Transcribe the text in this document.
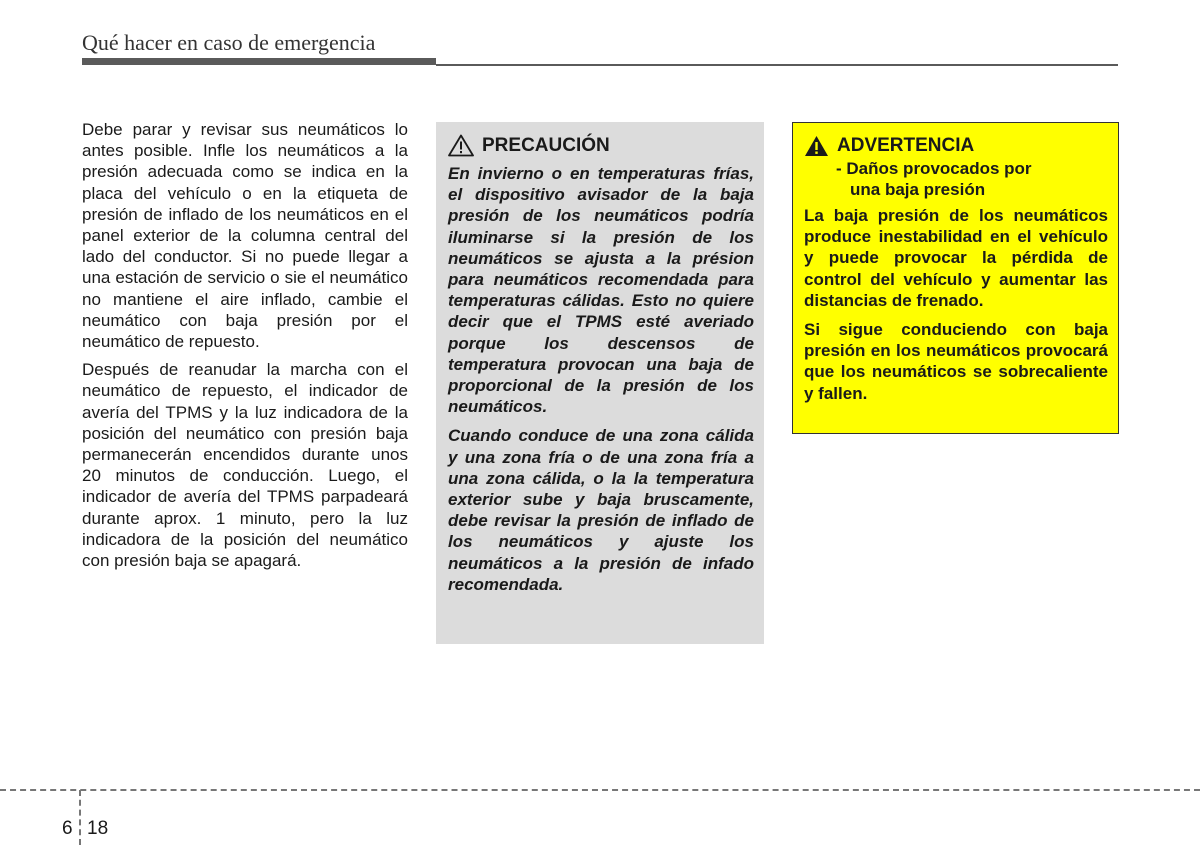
Qué hacer en caso de emergencia

Debe parar y revisar sus neumáticos lo antes posible. Infle los neumáticos a la presión adecuada como se indica en la placa del vehículo o en la etiqueta de presión de inflado de los neumáticos en el panel exterior de la columna central del lado del conductor. Si no puede llegar a una estación de servicio o sie el neumático no mantiene el aire inflado, cambie el neumático con baja presión por el neumático de repuesto.

Después de reanudar la marcha con el neumático de repuesto, el indicador de avería del TPMS y la luz indicadora de la posición del neumático con presión baja permanecerán encendidos durante unos 20 minutos de conducción. Luego, el indicador de avería del TPMS parpadeará durante aprox. 1 minuto, pero la luz indicadora de la posición del neumático con presión baja se apagará.

PRECAUCIÓN

En invierno o en temperaturas frías, el dispositivo avisador de la baja presión de los neumáticos podría iluminarse si la presión de los neumáticos se ajusta a la présion para neumáticos recomendada para temperaturas cálidas. Esto no quiere decir que el TPMS esté averiado porque los descensos de temperatura provocan una baja de proporcional de la presión de los neumáticos.

Cuando conduce de una zona cálida y una zona fría o de una zona fría a una zona cálida, o la la temperatura exterior sube y baja bruscamente, debe revisar la presión de inflado de los neumáticos y ajuste los neumáticos a la presión de infado recomendada.

ADVERTENCIA
- Daños provocados por
una baja presión

La baja presión de los neumáticos produce inestabilidad en el vehículo y puede provocar la pérdida de control del vehículo y aumentar las distancias de frenado.

Si sigue conduciendo con baja presión en los neumáticos provocará que los neumáticos se sobrecaliente y fallen.

6 18
